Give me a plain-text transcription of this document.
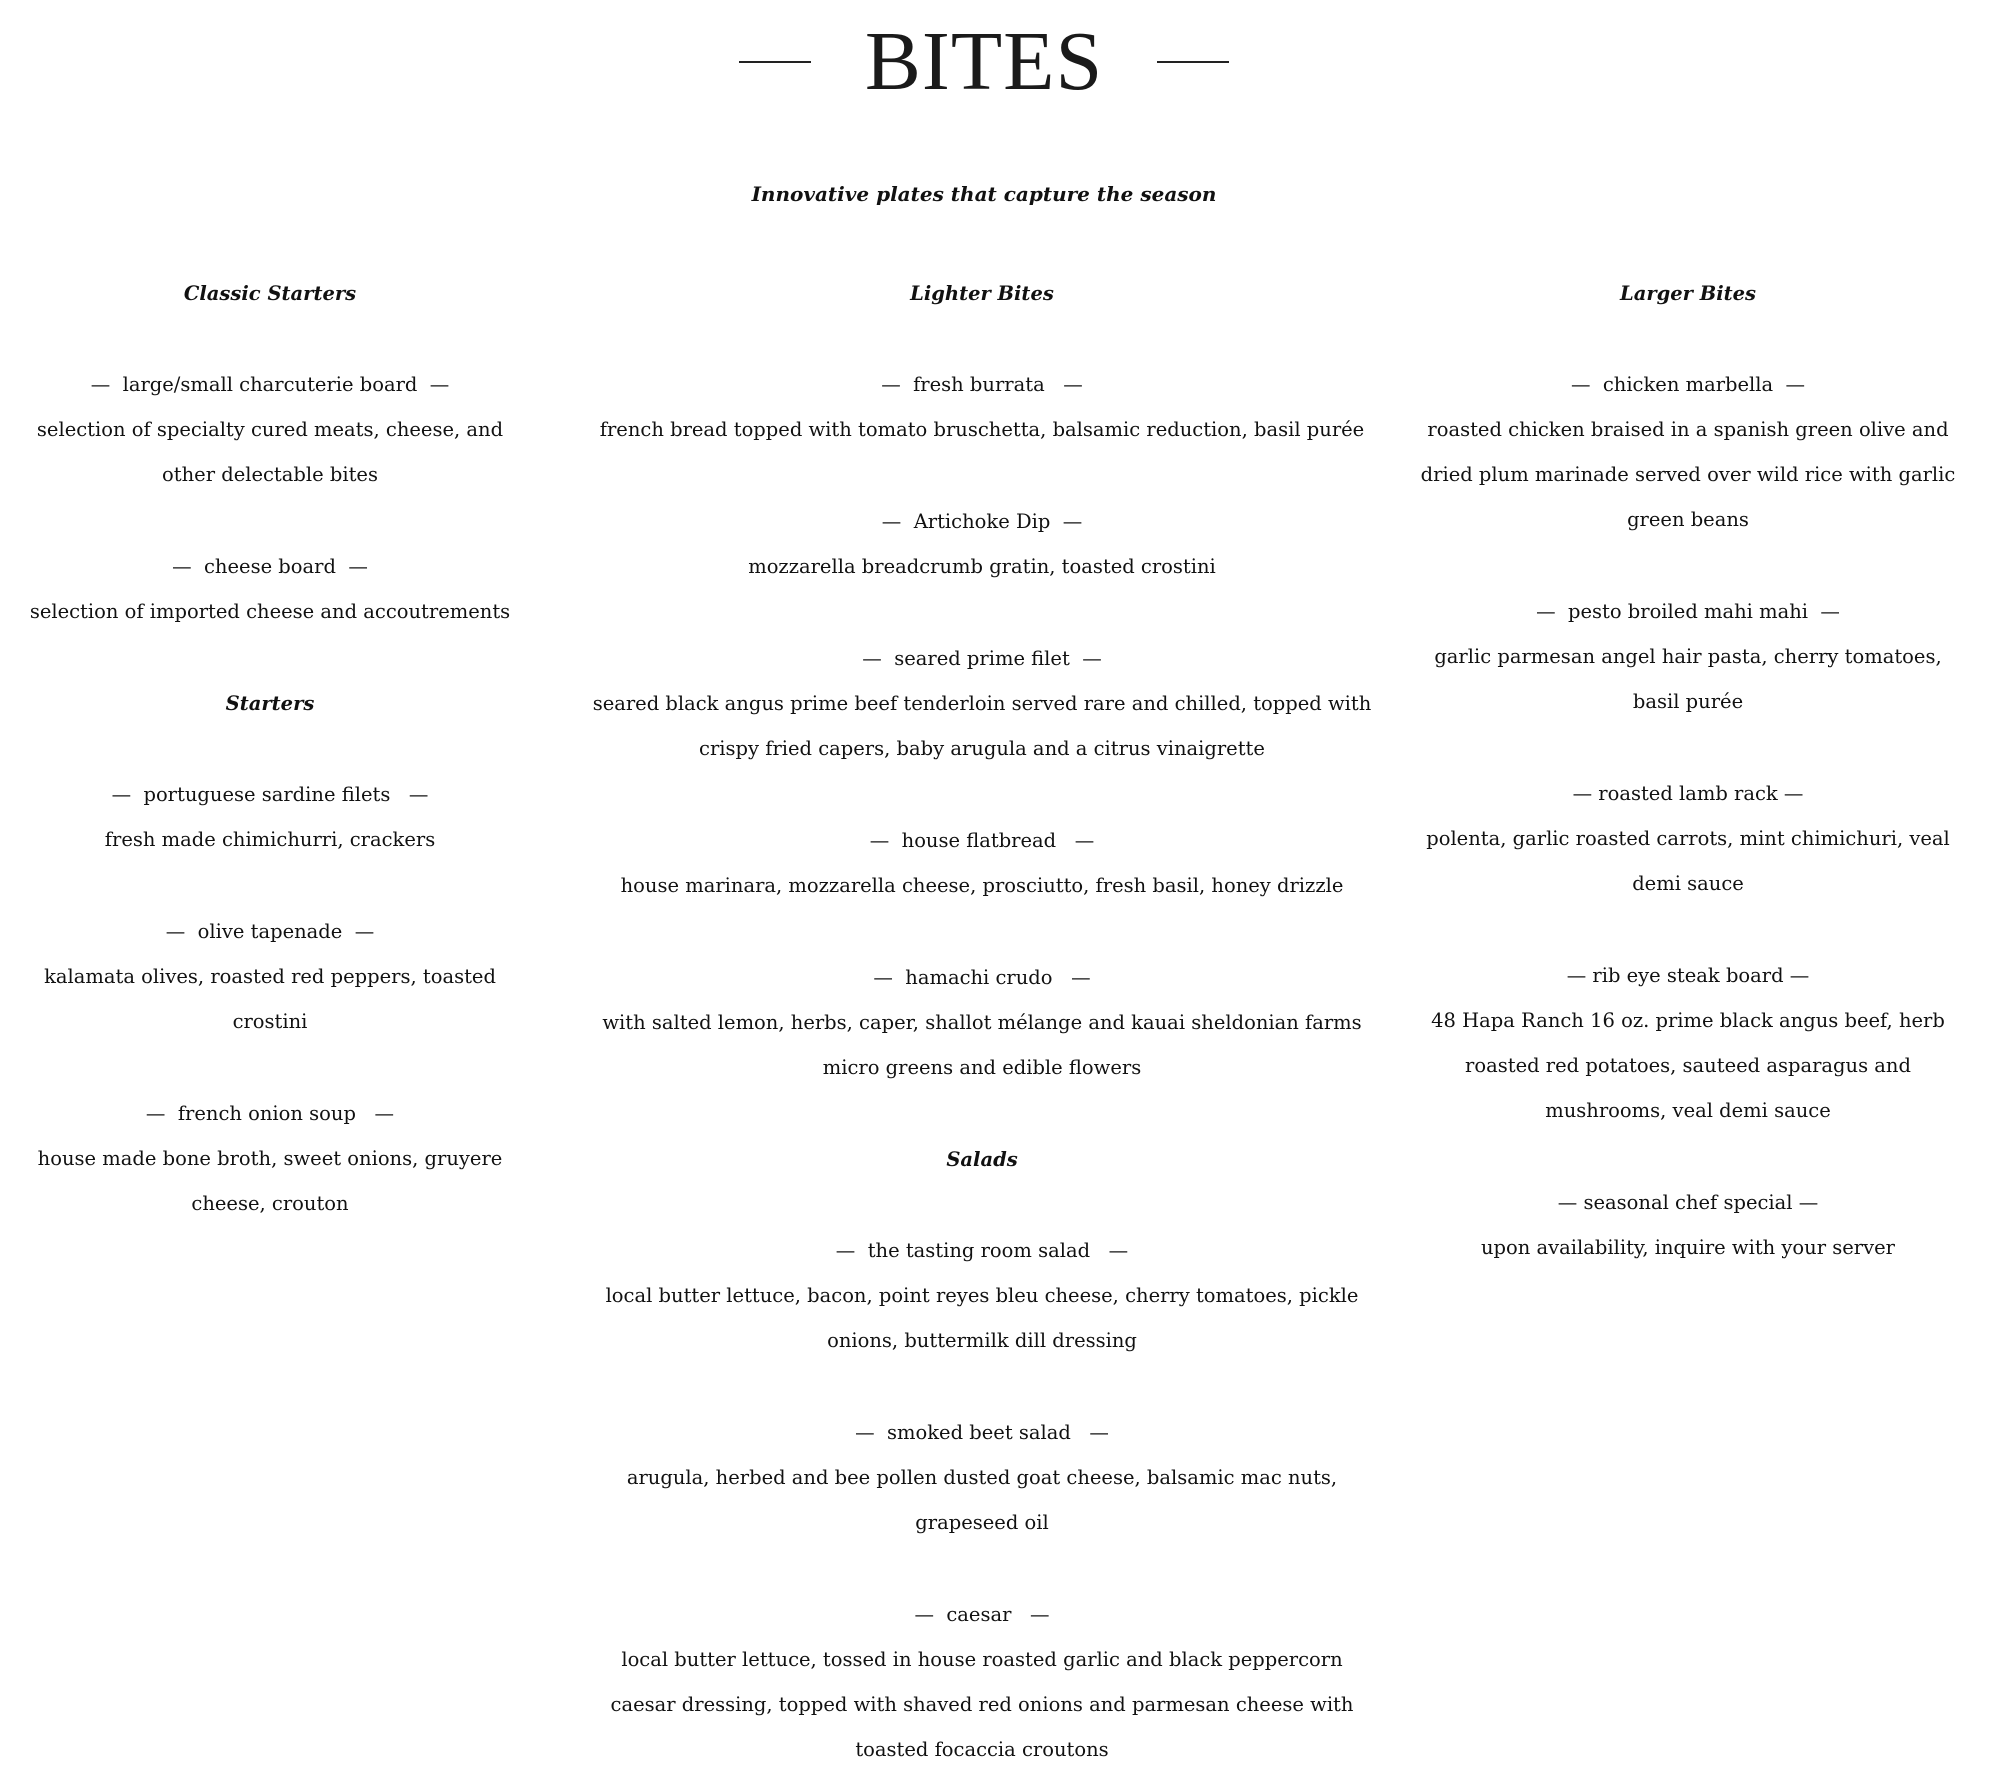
BITES
Innovative plates that capture the season
Classic Starters
—  large/small charcuterie board  —
selection of specialty cured meats, cheese, and other delectable bites
—  cheese board  —
selection of imported cheese and accoutrements
Starters
—  portuguese sardine filets   —
fresh made chimichurri, crackers
—  olive tapenade  —
kalamata olives, roasted red peppers, toasted crostini
—  french onion soup   —
house made bone broth, sweet onions, gruyere cheese, crouton
Lighter Bites
—  fresh burrata   —
french bread topped with tomato bruschetta, balsamic reduction, basil purée
—  Artichoke Dip  —
mozzarella breadcrumb gratin, toasted crostini
—  seared prime filet  —
seared black angus prime beef tenderloin served rare and chilled, topped with crispy fried capers, baby arugula and a citrus vinaigrette
—  house flatbread   —
house marinara, mozzarella cheese, prosciutto, fresh basil, honey drizzle
—  hamachi crudo   —
with salted lemon, herbs, caper, shallot mélange and kauai sheldonian farms micro greens and edible flowers
Salads
—  the tasting room salad   —
local butter lettuce, bacon, point reyes bleu cheese, cherry tomatoes, pickle onions, buttermilk dill dressing
—  smoked beet salad   —
arugula, herbed and bee pollen dusted goat cheese, balsamic mac nuts, grapeseed oil
—  caesar   —
local butter lettuce, tossed in house roasted garlic and black peppercorn caesar dressing, topped with shaved red onions and parmesan cheese with toasted focaccia croutons
Larger Bites
—  chicken marbella  —
roasted chicken braised in a spanish green olive and dried plum marinade served over wild rice with garlic green beans
—  pesto broiled mahi mahi  —
garlic parmesan angel hair pasta, cherry tomatoes, basil purée
— roasted lamb rack —
polenta, garlic roasted carrots, mint chimichuri, veal demi sauce
— rib eye steak board —
48 Hapa Ranch 16 oz. prime black angus beef, herb roasted red potatoes, sauteed asparagus and mushrooms, veal demi sauce
— seasonal chef special —
upon availability, inquire with your server
